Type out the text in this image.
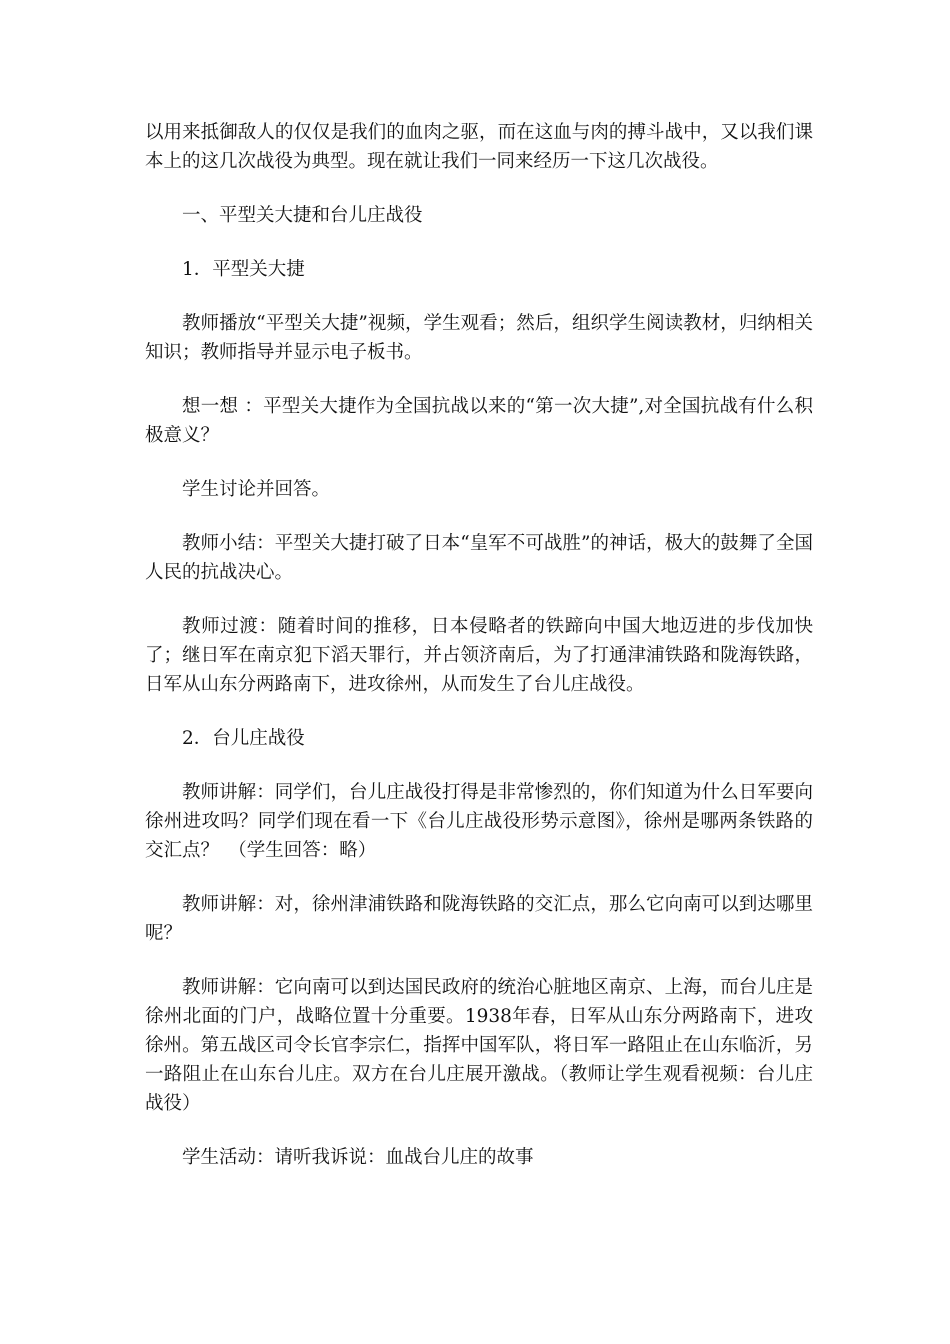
以用来抵御敌人的仅仅是我们的血肉之驱，而在这血与肉的搏斗战中，又以我们课本上的这几次战役为典型。现在就让我们一同来经历一下这几次战役。

一、平型关大捷和台儿庄战役

1．平型关大捷

教师播放“平型关大捷”视频，学生观看；然后，组织学生阅读教材，归纳相关知识；教师指导并显示电子板书。

想一想 ：平型关大捷作为全国抗战以来的“第一次大捷”,对全国抗战有什么积极意义？

学生讨论并回答。

教师小结：平型关大捷打破了日本“皇军不可战胜”的神话，极大的鼓舞了全国人民的抗战决心。

教师过渡：随着时间的推移，日本侵略者的铁蹄向中国大地迈进的步伐加快了；继日军在南京犯下滔天罪行，并占领济南后，为了打通津浦铁路和陇海铁路，日军从山东分两路南下，进攻徐州，从而发生了台儿庄战役。

2．台儿庄战役

教师讲解：同学们，台儿庄战役打得是非常惨烈的，你们知道为什么日军要向徐州进攻吗？同学们现在看一下《台儿庄战役形势示意图》，徐州是哪两条铁路的交汇点？　（学生回答：略）

教师讲解：对，徐州津浦铁路和陇海铁路的交汇点，那么它向南可以到达哪里呢？

教师讲解：它向南可以到达国民政府的统治心脏地区南京、上海，而台儿庄是徐州北面的门户，战略位置十分重要。1938年春，日军从山东分两路南下，进攻徐州。第五战区司令长官李宗仁，指挥中国军队，将日军一路阻止在山东临沂，另一路阻止在山东台儿庄。双方在台儿庄展开激战。（教师让学生观看视频：台儿庄战役）

学生活动：请听我诉说：血战台儿庄的故事
